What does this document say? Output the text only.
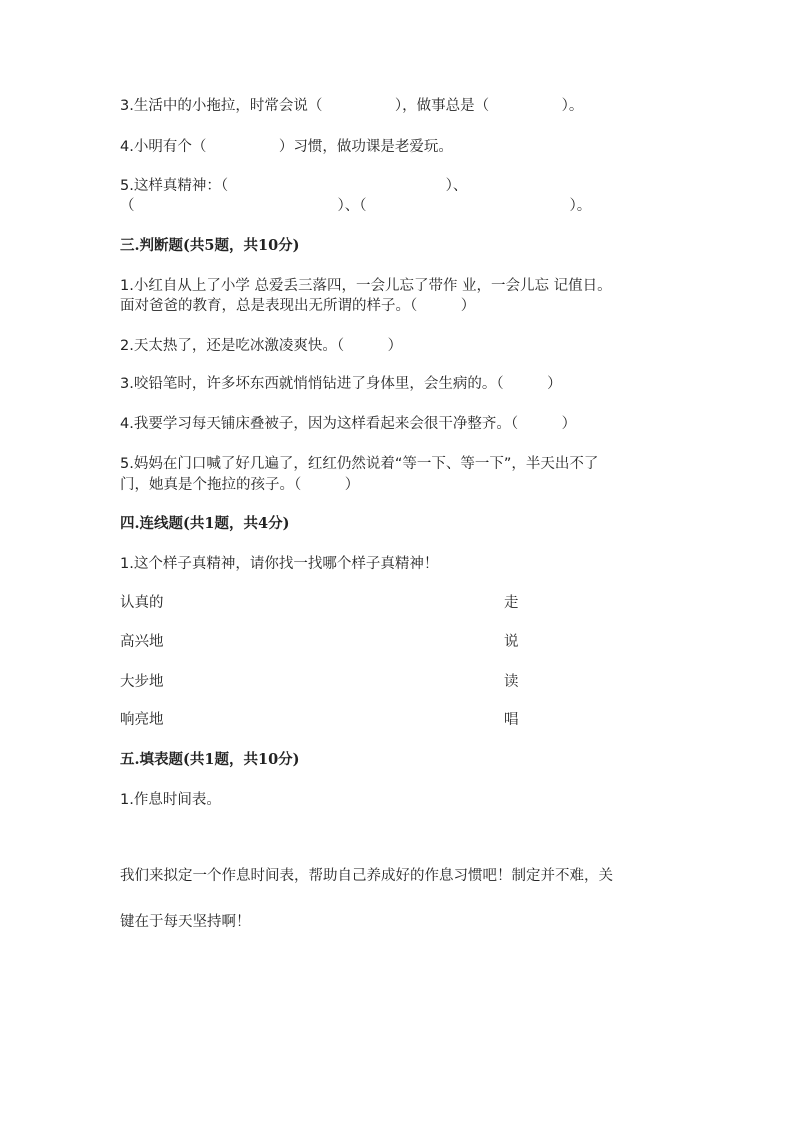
3.生活中的小拖拉，时常会说（　　　　　），做事总是（　　　　　）。
4.小明有个（　　　　　）习惯，做功课是老爱玩。
5.这样真精神：（　　　　　　　　　　　　　　　）、
（　　　　　　　　　　　　　　）、（　　　　　　　　　　　　　　）。
三.判断题(共5题，共10分)
1.小红自从上了小学 总爱丢三落四，一会儿忘了带作 业，一会儿忘 记值日。
面对爸爸的教育，总是表现出无所谓的样子。（　　　）
2.天太热了，还是吃冰激凌爽快。（　　　）
3.咬铅笔时，许多坏东西就悄悄钻进了身体里，会生病的。（　　　）
4.我要学习每天铺床叠被子，因为这样看起来会很干净整齐。（　　　）
5.妈妈在门口喊了好几遍了，红红仍然说着“等一下、等一下”，半天出不了
门，她真是个拖拉的孩子。（　　　）
四.连线题(共1题，共4分)
1.这个样子真精神，请你找一找哪个样子真精神！
认真的	走
高兴地	说
大步地	读
响亮地	唱
五.填表题(共1题，共10分)
1.作息时间表。
我们来拟定一个作息时间表，帮助自己养成好的作息习惯吧！制定并不难，关
键在于每天坚持啊！
